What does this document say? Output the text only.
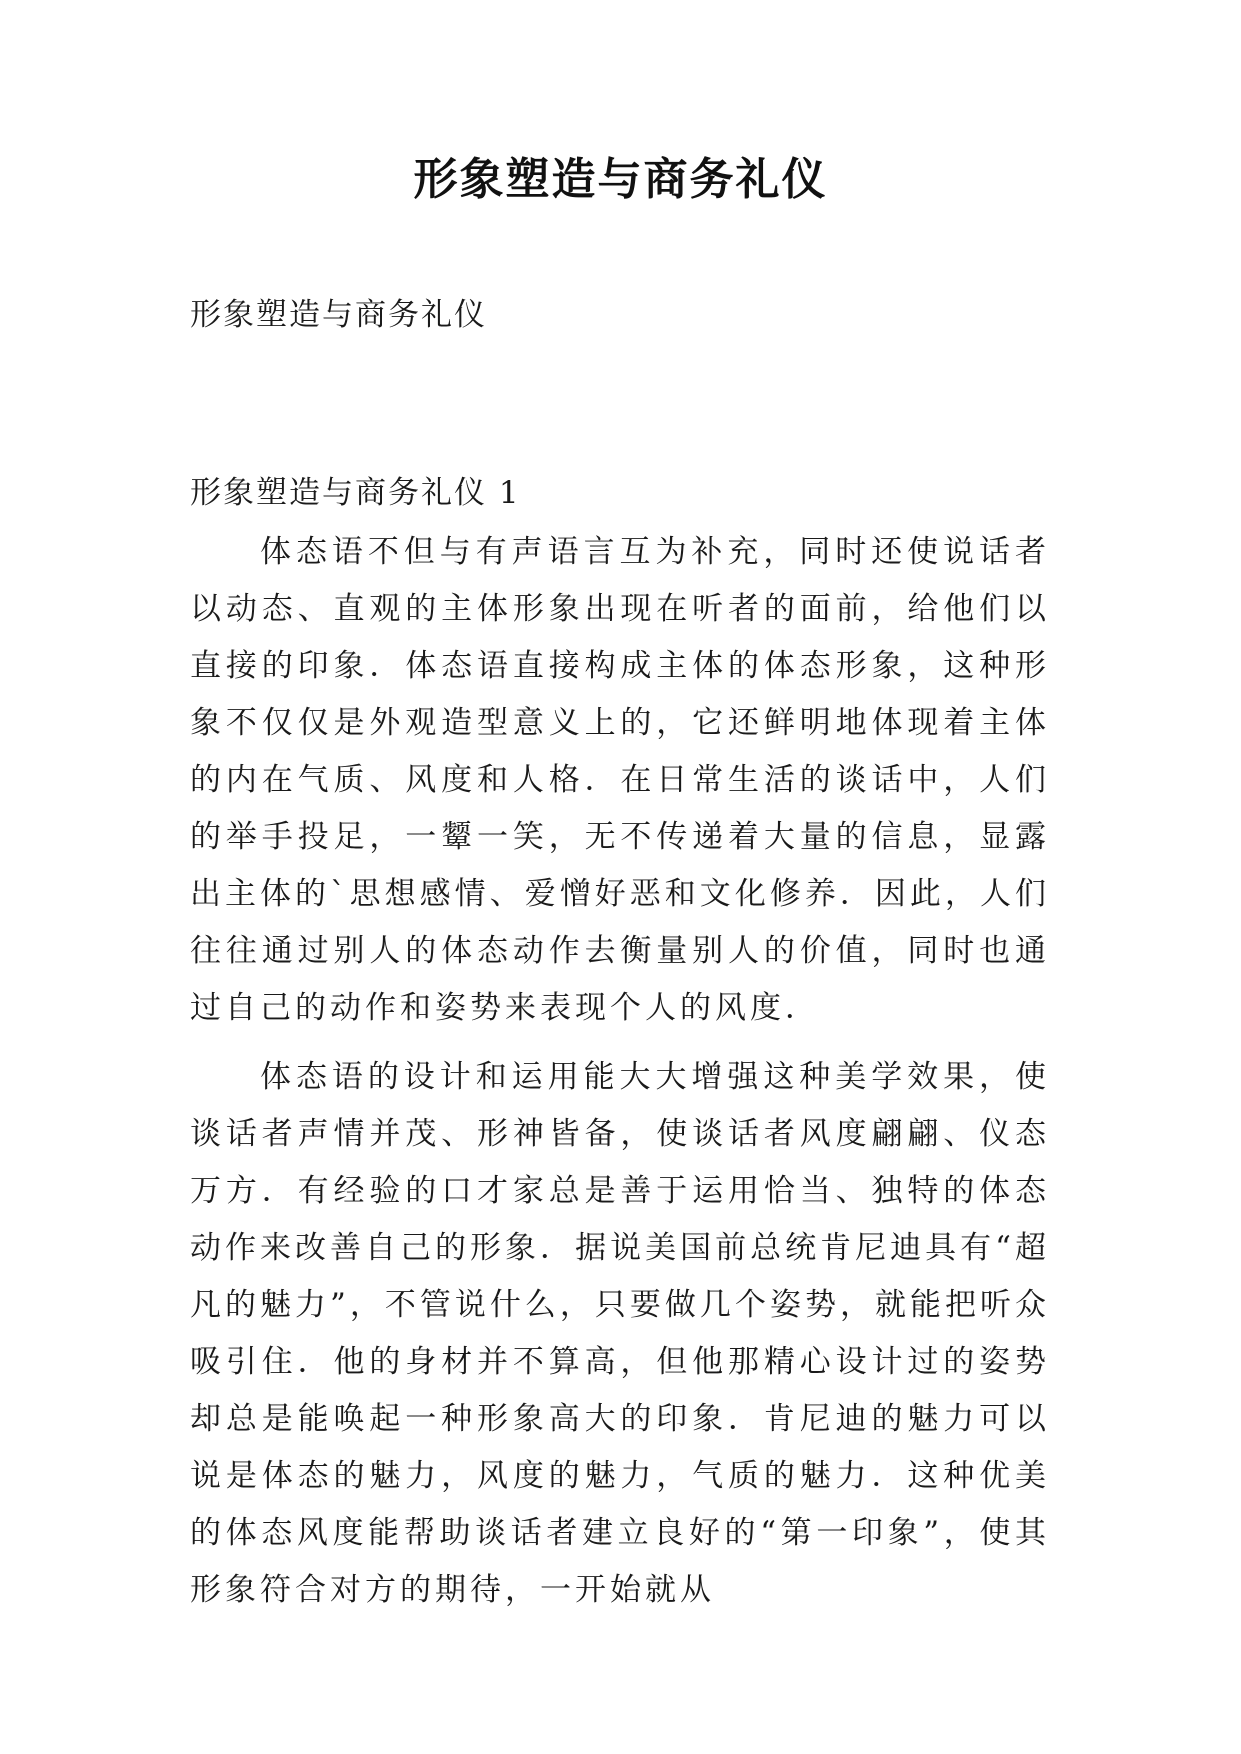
形象塑造与商务礼仪
形象塑造与商务礼仪
形象塑造与商务礼仪 1

体态语不但与有声语言互为补充，同时还使说话者以动态、直观的主体形象出现在听者的面前，给他们以直接的印象．体态语直接构成主体的体态形象，这种形象不仅仅是外观造型意义上的，它还鲜明地体现着主体的内在气质、风度和人格．在日常生活的谈话中，人们的举手投足，一颦一笑，无不传递着大量的信息，显露出主体的`思想感情、爱憎好恶和文化修养．因此，人们往往通过别人的体态动作去衡量别人的价值，同时也通过自己的动作和姿势来表现个人的风度．

体态语的设计和运用能大大增强这种美学效果，使谈话者声情并茂、形神皆备，使谈话者风度翩翩、仪态万方．有经验的口才家总是善于运用恰当、独特的体态动作来改善自己的形象．据说美国前总统肯尼迪具有“超凡的魅力”，不管说什么，只要做几个姿势，就能把听众吸引住．他的身材并不算高，但他那精心设计过的姿势却总是能唤起一种形象高大的印象．肯尼迪的魅力可以说是体态的魅力，风度的魅力，气质的魅力．这种优美的体态风度能帮助谈话者建立良好的“第一印象”，使其形象符合对方的期待，一开始就从
